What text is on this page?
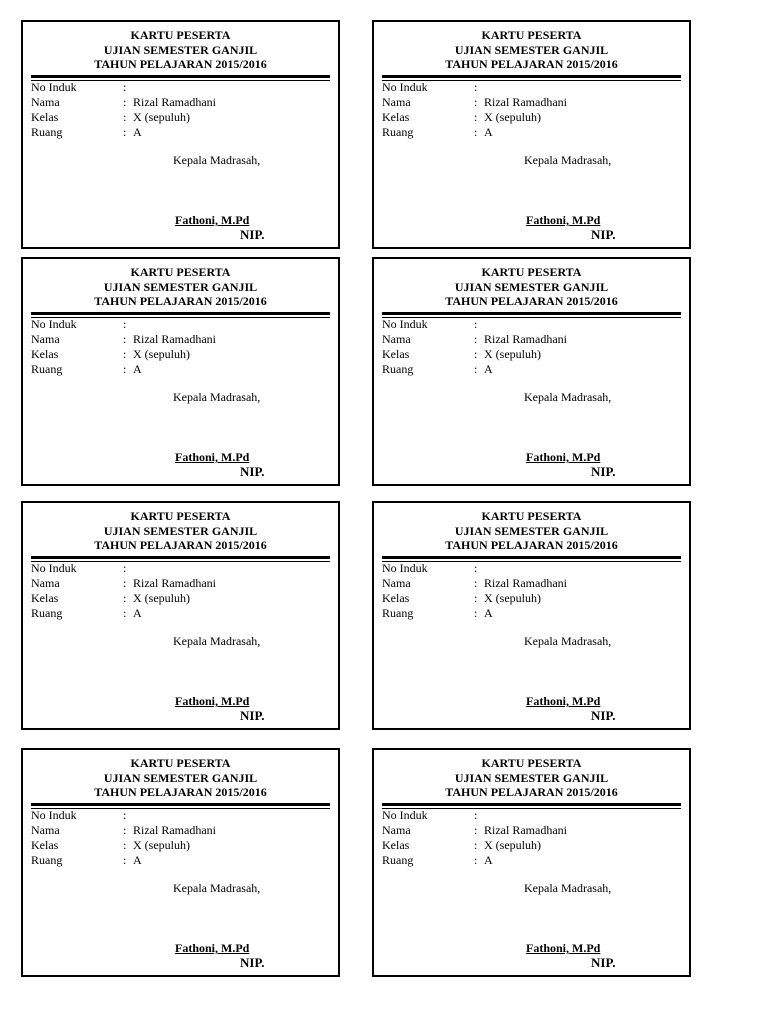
KARTU PESERTA
UJIAN SEMESTER GANJIL
TAHUN PELAJARAN 2015/2016
No Induk	:
Nama	: Rizal Ramadhani
Kelas	: X (sepuluh)
Ruang	: A
Kepala Madrasah,
Fathoni, M.Pd
NIP.
KARTU PESERTA
UJIAN SEMESTER GANJIL
TAHUN PELAJARAN 2015/2016
No Induk	:
Nama	: Rizal Ramadhani
Kelas	: X (sepuluh)
Ruang	: A
Kepala Madrasah,
Fathoni, M.Pd
NIP.
KARTU PESERTA
UJIAN SEMESTER GANJIL
TAHUN PELAJARAN 2015/2016
No Induk	:
Nama	: Rizal Ramadhani
Kelas	: X (sepuluh)
Ruang	: A
Kepala Madrasah,
Fathoni, M.Pd
NIP.
KARTU PESERTA
UJIAN SEMESTER GANJIL
TAHUN PELAJARAN 2015/2016
No Induk	:
Nama	: Rizal Ramadhani
Kelas	: X (sepuluh)
Ruang	: A
Kepala Madrasah,
Fathoni, M.Pd
NIP.
KARTU PESERTA
UJIAN SEMESTER GANJIL
TAHUN PELAJARAN 2015/2016
No Induk	:
Nama	: Rizal Ramadhani
Kelas	: X (sepuluh)
Ruang	: A
Kepala Madrasah,
Fathoni, M.Pd
NIP.
KARTU PESERTA
UJIAN SEMESTER GANJIL
TAHUN PELAJARAN 2015/2016
No Induk	:
Nama	: Rizal Ramadhani
Kelas	: X (sepuluh)
Ruang	: A
Kepala Madrasah,
Fathoni, M.Pd
NIP.
KARTU PESERTA
UJIAN SEMESTER GANJIL
TAHUN PELAJARAN 2015/2016
No Induk	:
Nama	: Rizal Ramadhani
Kelas	: X (sepuluh)
Ruang	: A
Kepala Madrasah,
Fathoni, M.Pd
NIP.
KARTU PESERTA
UJIAN SEMESTER GANJIL
TAHUN PELAJARAN 2015/2016
No Induk	:
Nama	: Rizal Ramadhani
Kelas	: X (sepuluh)
Ruang	: A
Kepala Madrasah,
Fathoni, M.Pd
NIP.
